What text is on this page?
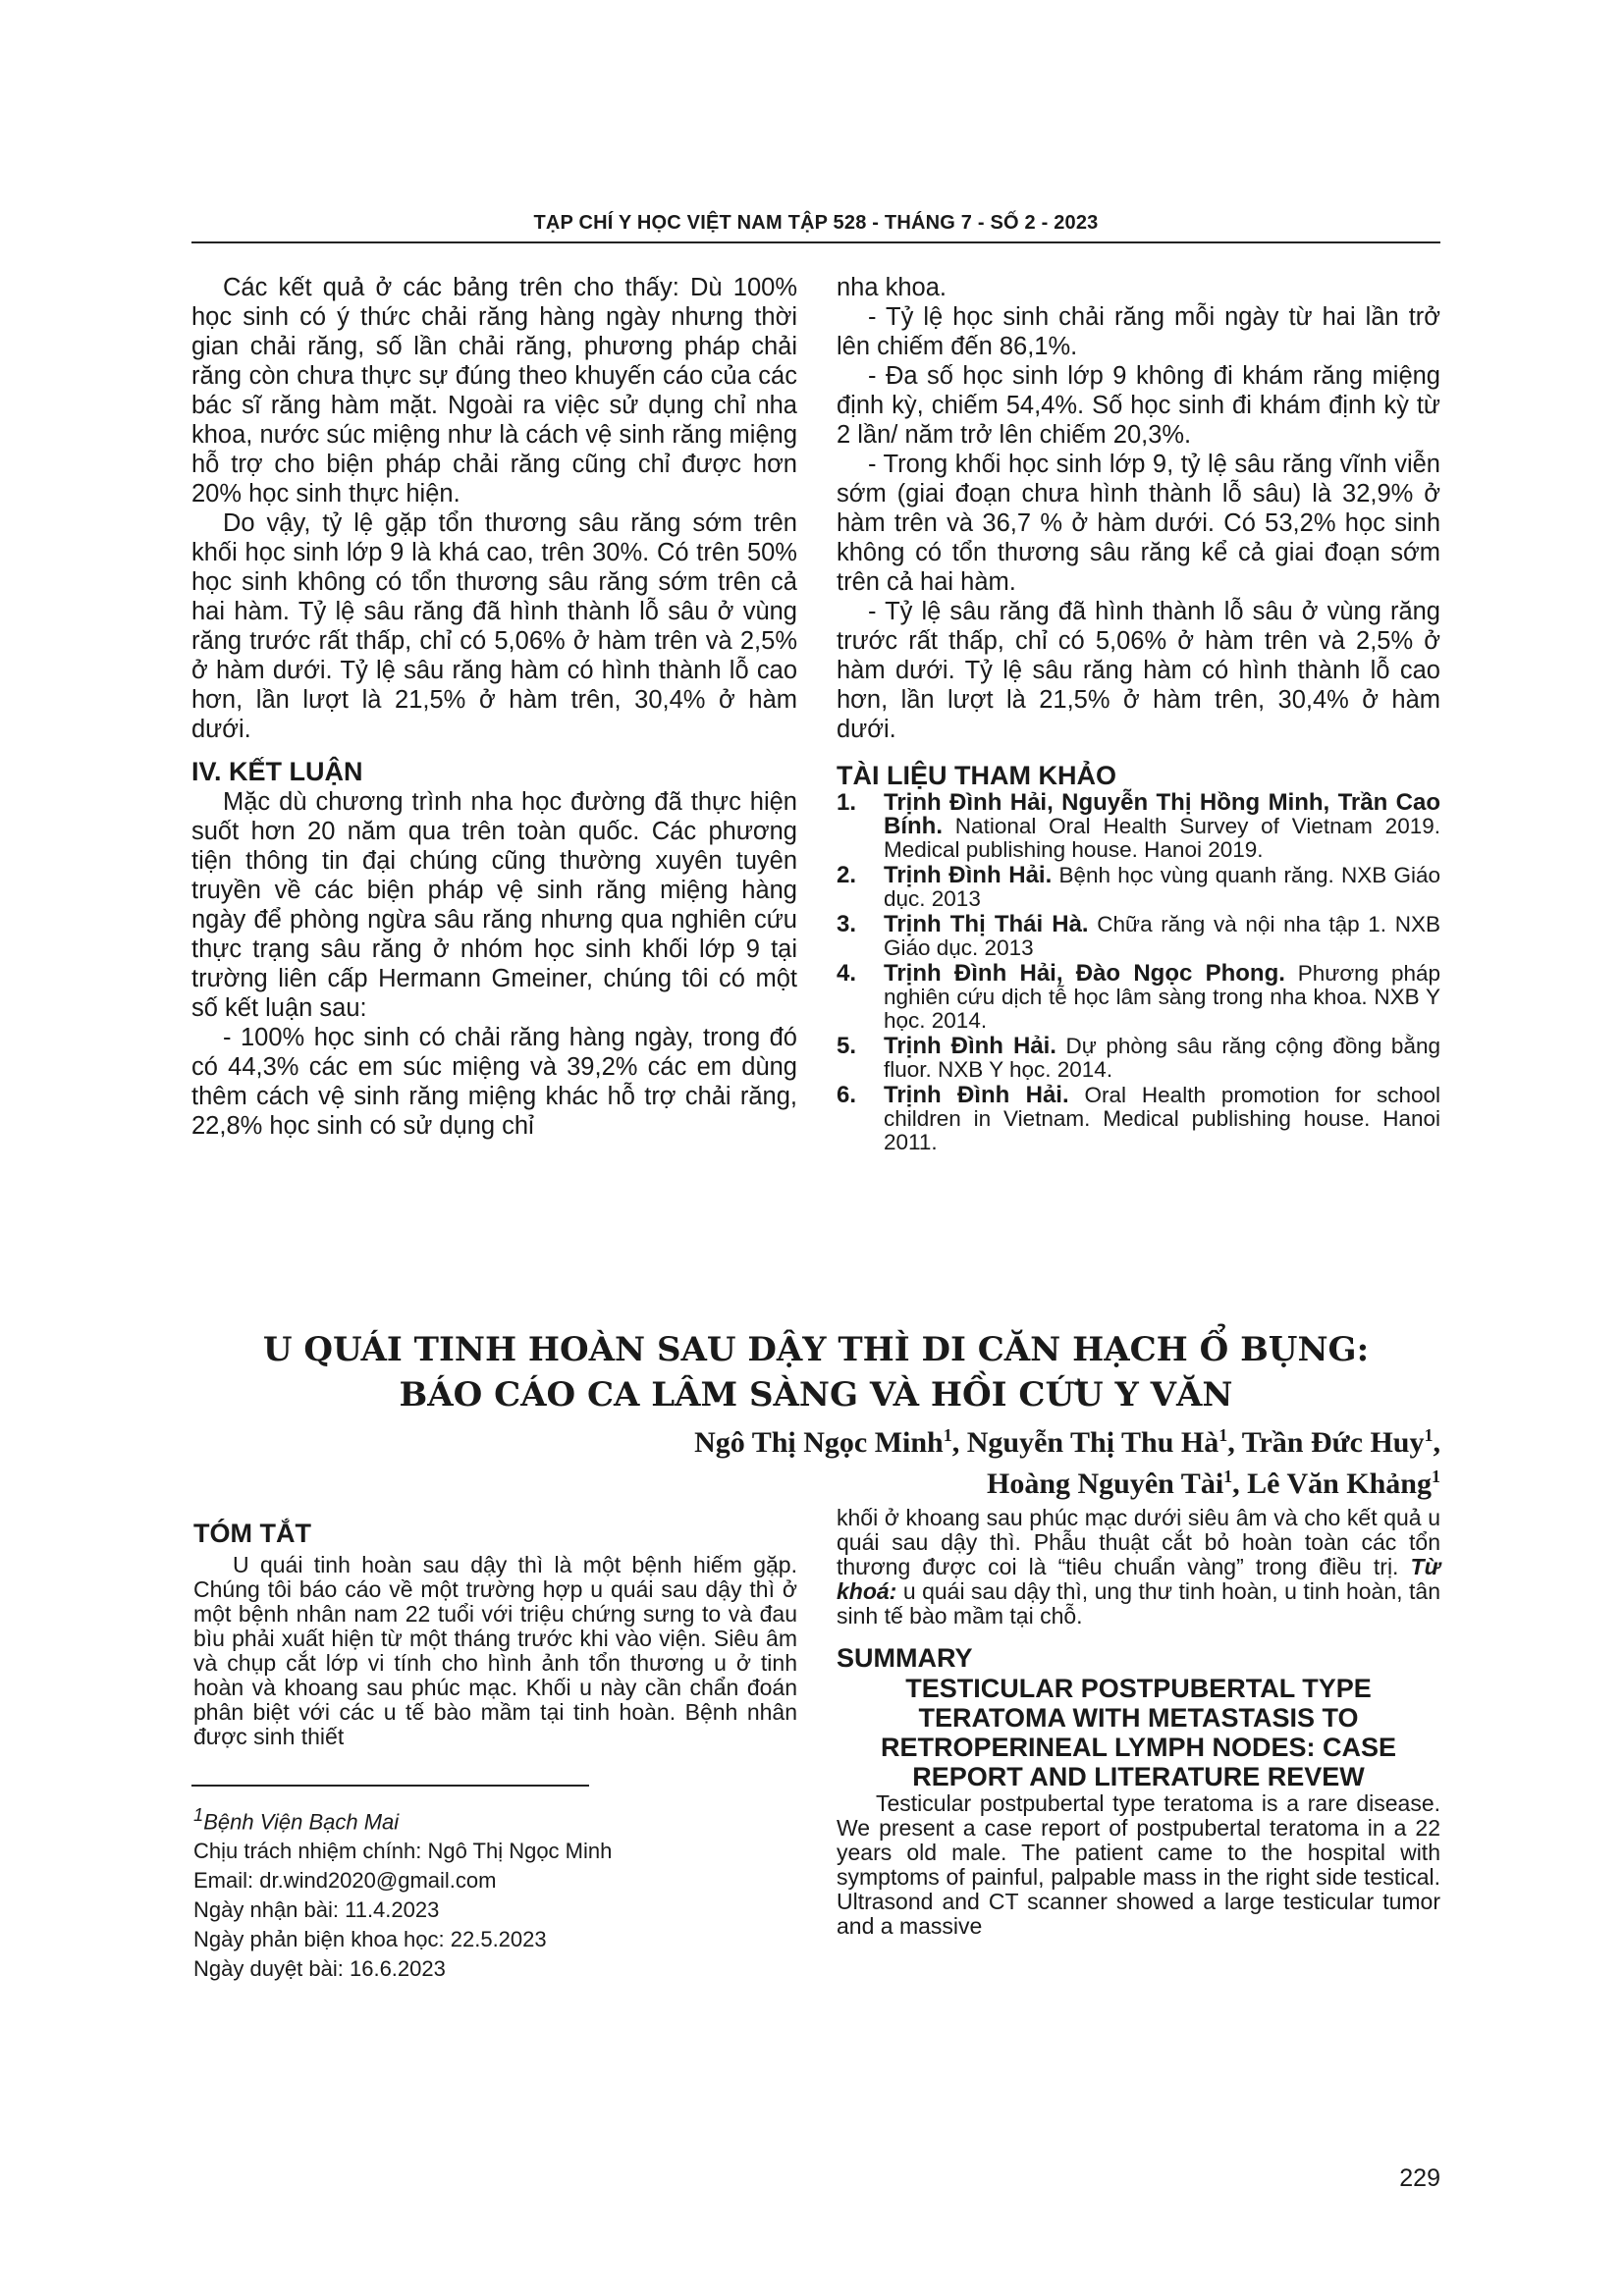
TẠP CHÍ Y HỌC VIỆT NAM TẬP 528 - THÁNG 7 - SỐ 2 - 2023

Các kết quả ở các bảng trên cho thấy: Dù 100% học sinh có ý thức chải răng hàng ngày nhưng thời gian chải răng, số lần chải răng, phương pháp chải răng còn chưa thực sự đúng theo khuyến cáo của các bác sĩ răng hàm mặt. Ngoài ra việc sử dụng chỉ nha khoa, nước súc miệng như là cách vệ sinh răng miệng hỗ trợ cho biện pháp chải răng cũng chỉ được hơn 20% học sinh thực hiện.

Do vậy, tỷ lệ gặp tổn thương sâu răng sớm trên khối học sinh lớp 9 là khá cao, trên 30%. Có trên 50% học sinh không có tổn thương sâu răng sớm trên cả hai hàm. Tỷ lệ sâu răng đã hình thành lỗ sâu ở vùng răng trước rất thấp, chỉ có 5,06% ở hàm trên và 2,5% ở hàm dưới. Tỷ lệ sâu răng hàm có hình thành lỗ cao hơn, lần lượt là 21,5% ở hàm trên, 30,4% ở hàm dưới.

IV. KẾT LUẬN

Mặc dù chương trình nha học đường đã thực hiện suốt hơn 20 năm qua trên toàn quốc. Các phương tiện thông tin đại chúng cũng thường xuyên tuyên truyền về các biện pháp vệ sinh răng miệng hàng ngày để phòng ngừa sâu răng nhưng qua nghiên cứu thực trạng sâu răng ở nhóm học sinh khối lớp 9 tại trường liên cấp Hermann Gmeiner, chúng tôi có một số kết luận sau:

- 100% học sinh có chải răng hàng ngày, trong đó có 44,3% các em súc miệng và 39,2% các em dùng thêm cách vệ sinh răng miệng khác hỗ trợ chải răng, 22,8% học sinh có sử dụng chỉ

nha khoa.

- Tỷ lệ học sinh chải răng mỗi ngày từ hai lần trở lên chiếm đến 86,1%.

- Đa số học sinh lớp 9 không đi khám răng miệng định kỳ, chiếm 54,4%. Số học sinh đi khám định kỳ từ 2 lần/ năm trở lên chiếm 20,3%.

- Trong khối học sinh lớp 9, tỷ lệ sâu răng vĩnh viễn sớm (giai đoạn chưa hình thành lỗ sâu) là 32,9% ở hàm trên và 36,7 % ở hàm dưới. Có 53,2% học sinh không có tổn thương sâu răng kể cả giai đoạn sớm trên cả hai hàm.

- Tỷ lệ sâu răng đã hình thành lỗ sâu ở vùng răng trước rất thấp, chỉ có 5,06% ở hàm trên và 2,5% ở hàm dưới. Tỷ lệ sâu răng hàm có hình thành lỗ cao hơn, lần lượt là 21,5% ở hàm trên, 30,4% ở hàm dưới.

TÀI LIỆU THAM KHẢO
1.	Trịnh Đình Hải, Nguyễn Thị Hồng Minh, Trần Cao Bính. National Oral Health Survey of Vietnam 2019. Medical publishing house. Hanoi 2019.
2.	Trịnh Đình Hải. Bệnh học vùng quanh răng. NXB Giáo dục. 2013
3.	Trịnh Thị Thái Hà. Chữa răng và nội nha tập 1. NXB Giáo dục. 2013
4.	Trịnh Đình Hải, Đào Ngọc Phong. Phương pháp nghiên cứu dịch tễ học lâm sàng trong nha khoa. NXB Y học. 2014.
5.	Trịnh Đình Hải. Dự phòng sâu răng cộng đồng bằng fluor. NXB Y học. 2014.
6.	Trịnh Đình Hải. Oral Health promotion for school children in Vietnam. Medical publishing house. Hanoi 2011.
U QUÁI TINH HOÀN SAU DẬY THÌ DI CĂN HẠCH Ổ BỤNG:
BÁO CÁO CA LÂM SÀNG VÀ HỒI CỨU Y VĂN
Ngô Thị Ngọc Minh$^1$, Nguyễn Thị Thu $Hà^1$, Trần Đức Huy$^1$,
Hoàng Nguyên Tài$^1$, Lê Văn Khảng$^1$
TÓM TẮT

U quái tinh hoàn sau dậy thì là một bệnh hiếm gặp. Chúng tôi báo cáo về một trường hợp u quái sau dậy thì ở một bệnh nhân nam 22 tuổi với triệu chứng sưng to và đau bìu phải xuất hiện từ một tháng trước khi vào viện. Siêu âm và chụp cắt lớp vi tính cho hình ảnh tổn thương u ở tinh hoàn và khoang sau phúc mạc. Khối u này cần chẩn đoán phân biệt với các u tế bào mầm tại tinh hoàn. Bệnh nhân được sinh thiết

$^1$Bệnh Viện Bạch Mai
Chịu trách nhiệm chính: Ngô Thị Ngọc Minh
Email: dr.wind2020@gmail.com
Ngày nhận bài: 11.4.2023
Ngày phản biện khoa học: 22.5.2023
Ngày duyệt bài: 16.6.2023

khối ở khoang sau phúc mạc dưới siêu âm và cho kết quả u quái sau dậy thì. Phẫu thuật cắt bỏ hoàn toàn các tổn thương được coi là “tiêu chuẩn vàng” trong điều trị. Từ khoá: u quái sau dậy thì, ung thư tinh hoàn, u tinh hoàn, tân sinh tế bào mầm tại chỗ.

SUMMARY
TESTICULAR POSTPUBERTAL TYPE TERATOMA WITH METASTASIS TO RETROPERINEAL LYMPH NODES: CASE REPORT AND LITERATURE REVEW

Testicular postpubertal type teratoma is a rare disease. We present a case report of postpubertal teratoma in a 22 years old male. The patient came to the hospital with symptoms of painful, palpable mass in the right side testical. Ultrasond and CT scanner showed a large testicular tumor and a massive

229
